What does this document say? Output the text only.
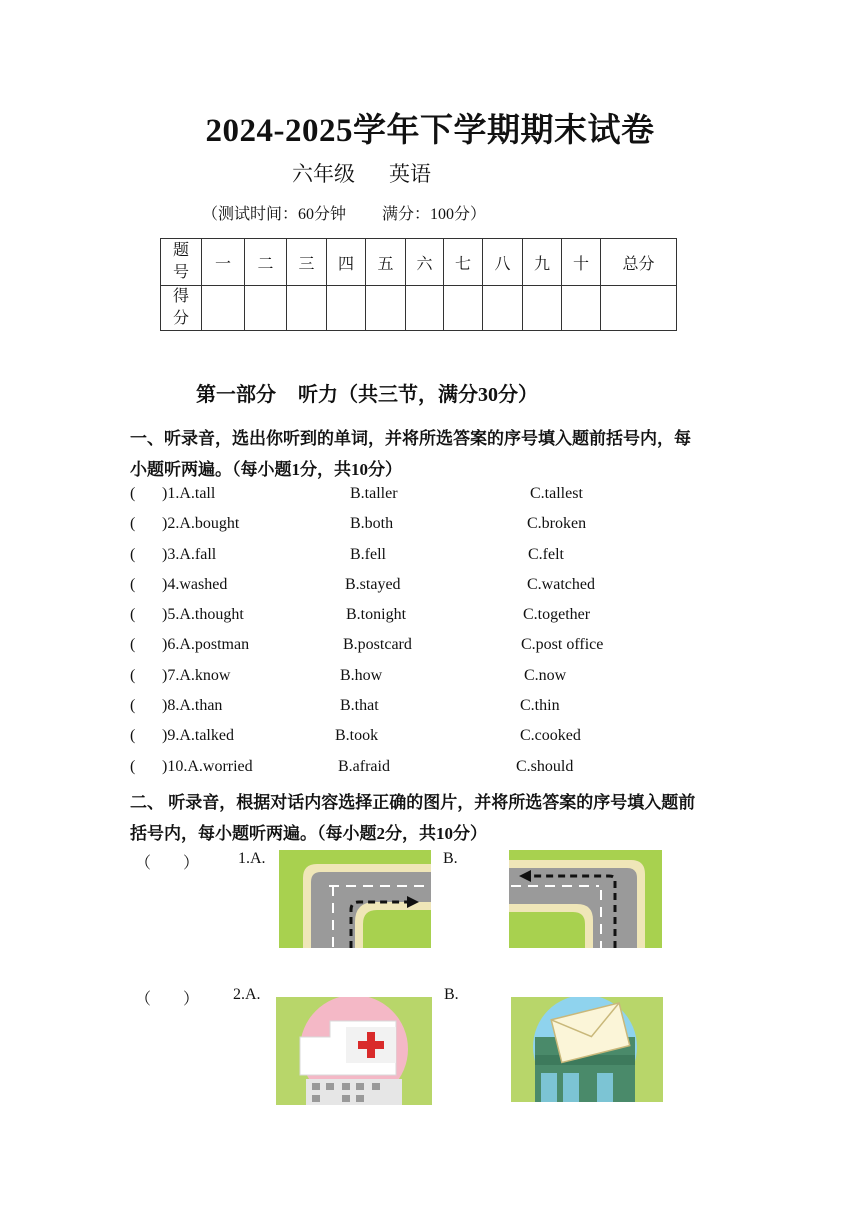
2024-2025学年下学期期末试卷
六年级 英语
（测试时间：60分钟 满分：100分）
题
号	一	二	三	四	五	六	七	八	九	十	总分

得
分											

第一部分 听力（共三节，满分30分）
一、听录音，选出你听到的单词，并将所选答案的序号填入题前括号内，每
小题听两遍。（每小题1分，共10分）
( )1.A.tall	B.taller	C.tallest
( )2.A.bought	B.both	C.broken
( )3.A.fall	B.fell	C.felt
( )4.washed	B.stayed	C.watched
( )5.A.thought	B.tonight	C.together
( )6.A.postman	B.postcard	C.post office
( )7.A.know	B.how	C.now
( )8.A.than	B.that	C.thin
( )9.A.talked	B.took	C.cooked
( )10.A.worried	B.afraid	C.should
二、 听录音，根据对话内容选择正确的图片，并将所选答案的序号填入题前
括号内，每小题听两遍。（每小题2分，共10分）
（　　） 1.A.	B.
（　　） 2.A.	B.
